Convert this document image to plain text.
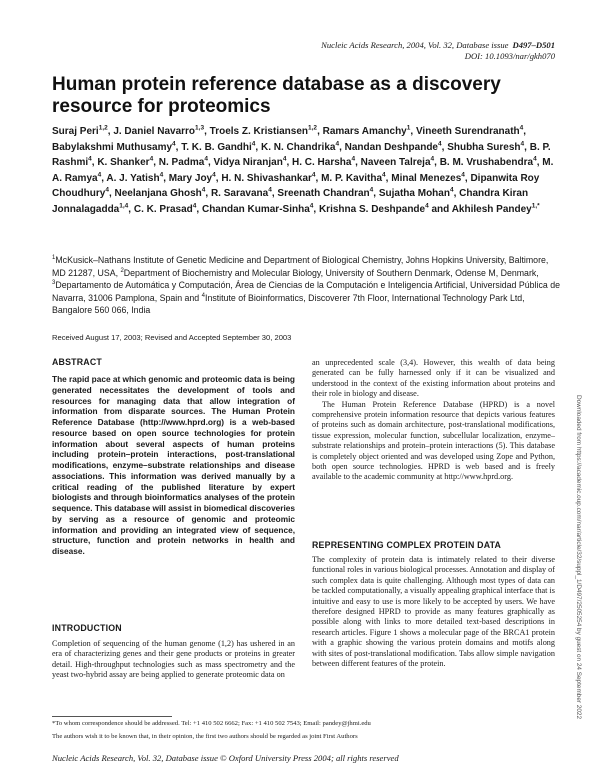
Nucleic Acids Research, 2004, Vol. 32, Database issue D497–D501
DOI: 10.1093/nar/gkh070
Human protein reference database as a discovery
resource for proteomics
Suraj Peri$^{1,2}$, J. Daniel Navarro$^{1,3}$, Troels Z. Kristiansen$^{1,2}$, Ramars Amanchy$^1$, Vineeth Surendranath$^4$, Babylakshmi Muthusamy$^4$, T. K. B. Gandhi$^4$, K. N. Chandrika$^4$, Nandan Deshpande$^4$, Shubha Suresh$^4$, B. P. Rashmi$^4$, K. Shanker$^4$, N. Padma$^4$, Vidya Niranjan$^4$, H. C. Harsha$^4$, Naveen Talreja$^4$, B. M. Vrushabendra$^4$, M. A. Ramya$^4$, A. J. Yatish$^4$, Mary Joy$^4$, H. N. Shivashankar$^4$, M. P. Kavitha$^4$, Minal Menezes$^4$, Dipanwita Roy Choudhury$^4$, Neelanjana Ghosh$^4$, R. Saravana$^4$, Sreenath Chandran$^4$, Sujatha Mohan$^4$, Chandra Kiran Jonnalagadda$^{1,4}$, C. K. Prasad$^4$, Chandan Kumar-Sinha$^4$, Krishna S. Deshpande$^4$ and Akhilesh Pandey$^{1,*}$
$^1$McKusick–Nathans Institute of Genetic Medicine and Department of Biological Chemistry, Johns Hopkins University, Baltimore, MD 21287, USA, $^2$Department of Biochemistry and Molecular Biology, University of Southern Denmark, Odense M, Denmark, $^3$Departamento de Automática y Computación, Área de Ciencias de la Computación e Inteligencia Artificial, Universidad Pública de Navarra, 31006 Pamplona, Spain and $^4$Institute of Bioinformatics, Discoverer 7th Floor, International Technology Park Ltd, Bangalore 560 066, India
Received August 17, 2003; Revised and Accepted September 30, 2003
ABSTRACT
The rapid pace at which genomic and proteomic data is being generated necessitates the development of tools and resources for managing data that allow integration of information from disparate sources. The Human Protein Reference Database (http://www.hprd.org) is a web-based resource based on open source technologies for protein information about several aspects of human proteins including protein–protein interactions, post-translational modifications, enzyme–substrate relationships and disease associations. This information was derived manually by a critical reading of the published literature by expert biologists and through bioinformatics analyses of the protein sequence. This database will assist in biomedical discoveries by serving as a resource of genomic and proteomic information and providing an integrated view of sequence, structure, function and protein networks in health and disease.
INTRODUCTION
Completion of sequencing of the human genome (1,2) has ushered in an era of characterizing genes and their gene products or proteins in greater detail. High-throughput technologies such as mass spectrometry and the yeast two-hybrid assay are being applied to generate proteomic data on

an unprecedented scale (3,4). However, this wealth of data being generated can be fully harnessed only if it can be visualized and understood in the context of the existing information about proteins and their role in biology and disease.

The Human Protein Reference Database (HPRD) is a novel comprehensive protein information resource that depicts various features of proteins such as domain architecture, post-translational modifications, tissue expression, molecular function, subcellular localization, enzyme–substrate relationships and protein–protein interactions (5). This database is completely object oriented and was developed using Zope and Python, both open source technologies. HPRD is web based and is freely available to the academic community at http://www.hprd.org.

REPRESENTING COMPLEX PROTEIN DATA
The complexity of protein data is intimately related to their diverse functional roles in various biological processes. Annotation and display of such complex data is quite challenging. Although most types of data can be tackled computationally, a visually appealing graphical interface that is intuitive and easy to use is more likely to be accepted by users. We have therefore designed HPRD to provide as many features graphically as possible along with links to more detailed text-based descriptions in research articles. Figure 1 shows a molecular page of the BRCA1 protein with a graphic showing the various protein domains and motifs along with sites of post-translational modification. Tabs allow simple navigation between different features of the protein.
*To whom correspondence should be addressed. Tel: +1 410 502 6662; Fax: +1 410 502 7543; Email: pandey@jhmi.edu
The authors wish it to be known that, in their opinion, the first two authors should be regarded as joint First Authors
Nucleic Acids Research, Vol. 32, Database issue © Oxford University Press 2004; all rights reserved
Downloaded from https://academic.oup.com/nar/article/32/suppl_1/D497/2505254 by guest on 24 September 2022
